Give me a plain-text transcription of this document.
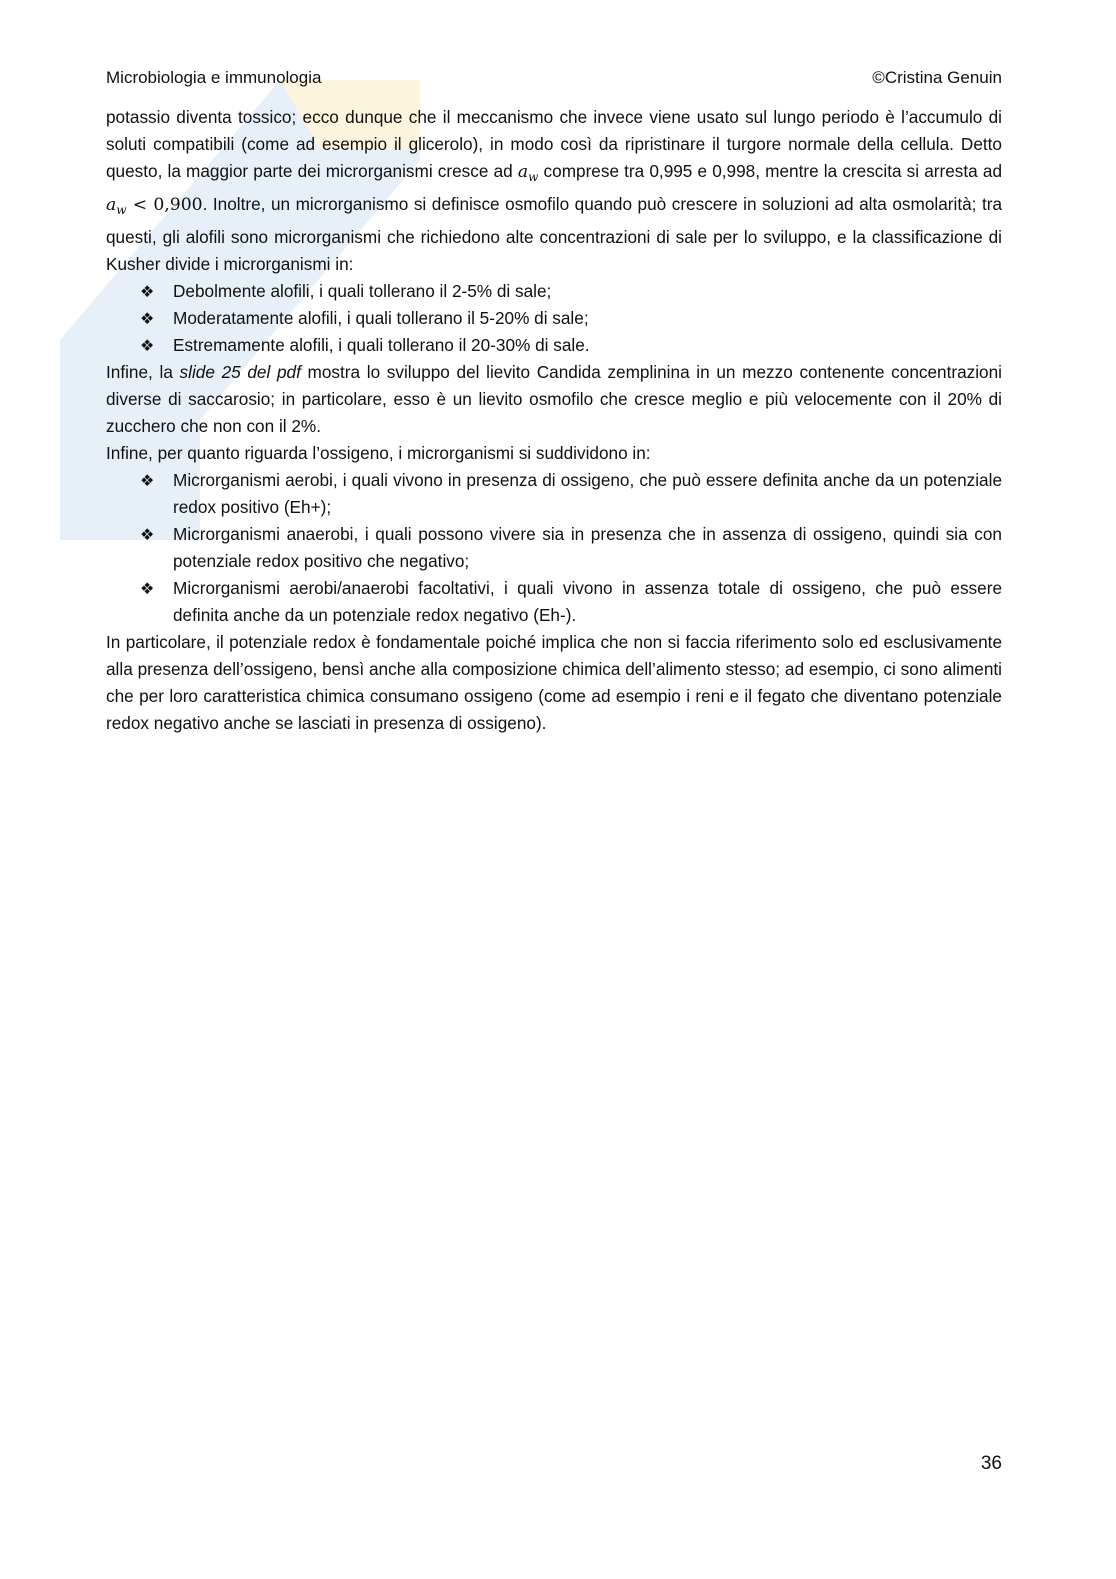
Microbiologia e immunologia	©Cristina Genuin

potassio diventa tossico; ecco dunque che il meccanismo che invece viene usato sul lungo periodo è l’accumulo di soluti compatibili (come ad esempio il glicerolo), in modo così da ripristinare il turgore normale della cellula. Detto questo, la maggior parte dei microrganismi cresce ad $a_w$ comprese tra 0,995 e 0,998, mentre la crescita si arresta ad $a_w < 0,900$. Inoltre, un microrganismo si definisce osmofilo quando può crescere in soluzioni ad alta osmolarità; tra questi, gli alofili sono microrganismi che richiedono alte concentrazioni di sale per lo sviluppo, e la classificazione di Kusher divide i microrganismi in:

❖ Debolmente alofili, i quali tollerano il 2-5% di sale;
❖ Moderatamente alofili, i quali tollerano il 5-20% di sale;
❖ Estremamente alofili, i quali tollerano il 20-30% di sale.

Infine, la slide 25 del pdf mostra lo sviluppo del lievito Candida zemplinina in un mezzo contenente concentrazioni diverse di saccarosio; in particolare, esso è un lievito osmofilo che cresce meglio e più velocemente con il 20% di zucchero che non con il 2%.

Infine, per quanto riguarda l’ossigeno, i microrganismi si suddividono in:

❖ Microrganismi aerobi, i quali vivono in presenza di ossigeno, che può essere definita anche da un potenziale redox positivo (Eh+);
❖ Microrganismi anaerobi, i quali possono vivere sia in presenza che in assenza di ossigeno, quindi sia con potenziale redox positivo che negativo;
❖ Microrganismi aerobi/anaerobi facoltativi, i quali vivono in assenza totale di ossigeno, che può essere definita anche da un potenziale redox negativo (Eh-).

In particolare, il potenziale redox è fondamentale poiché implica che non si faccia riferimento solo ed esclusivamente alla presenza dell’ossigeno, bensì anche alla composizione chimica dell’alimento stesso; ad esempio, ci sono alimenti che per loro caratteristica chimica consumano ossigeno (come ad esempio i reni e il fegato che diventano potenziale redox negativo anche se lasciati in presenza di ossigeno).

36
